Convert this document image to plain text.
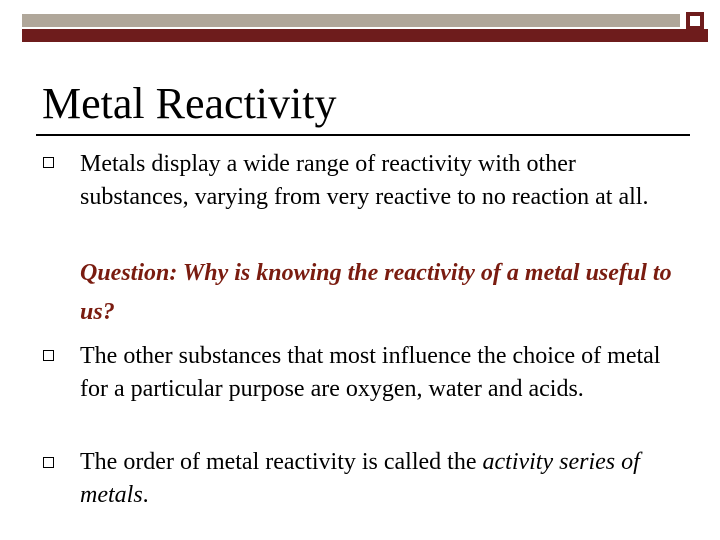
Metal Reactivity
Metals display a wide range of reactivity with other substances, varying from very reactive to no reaction at all.
Question: Why is knowing the reactivity of a metal useful to us?
The other substances that most influence the choice of metal for a particular purpose are oxygen, water and acids.
The order of metal reactivity is called the activity series of metals.
